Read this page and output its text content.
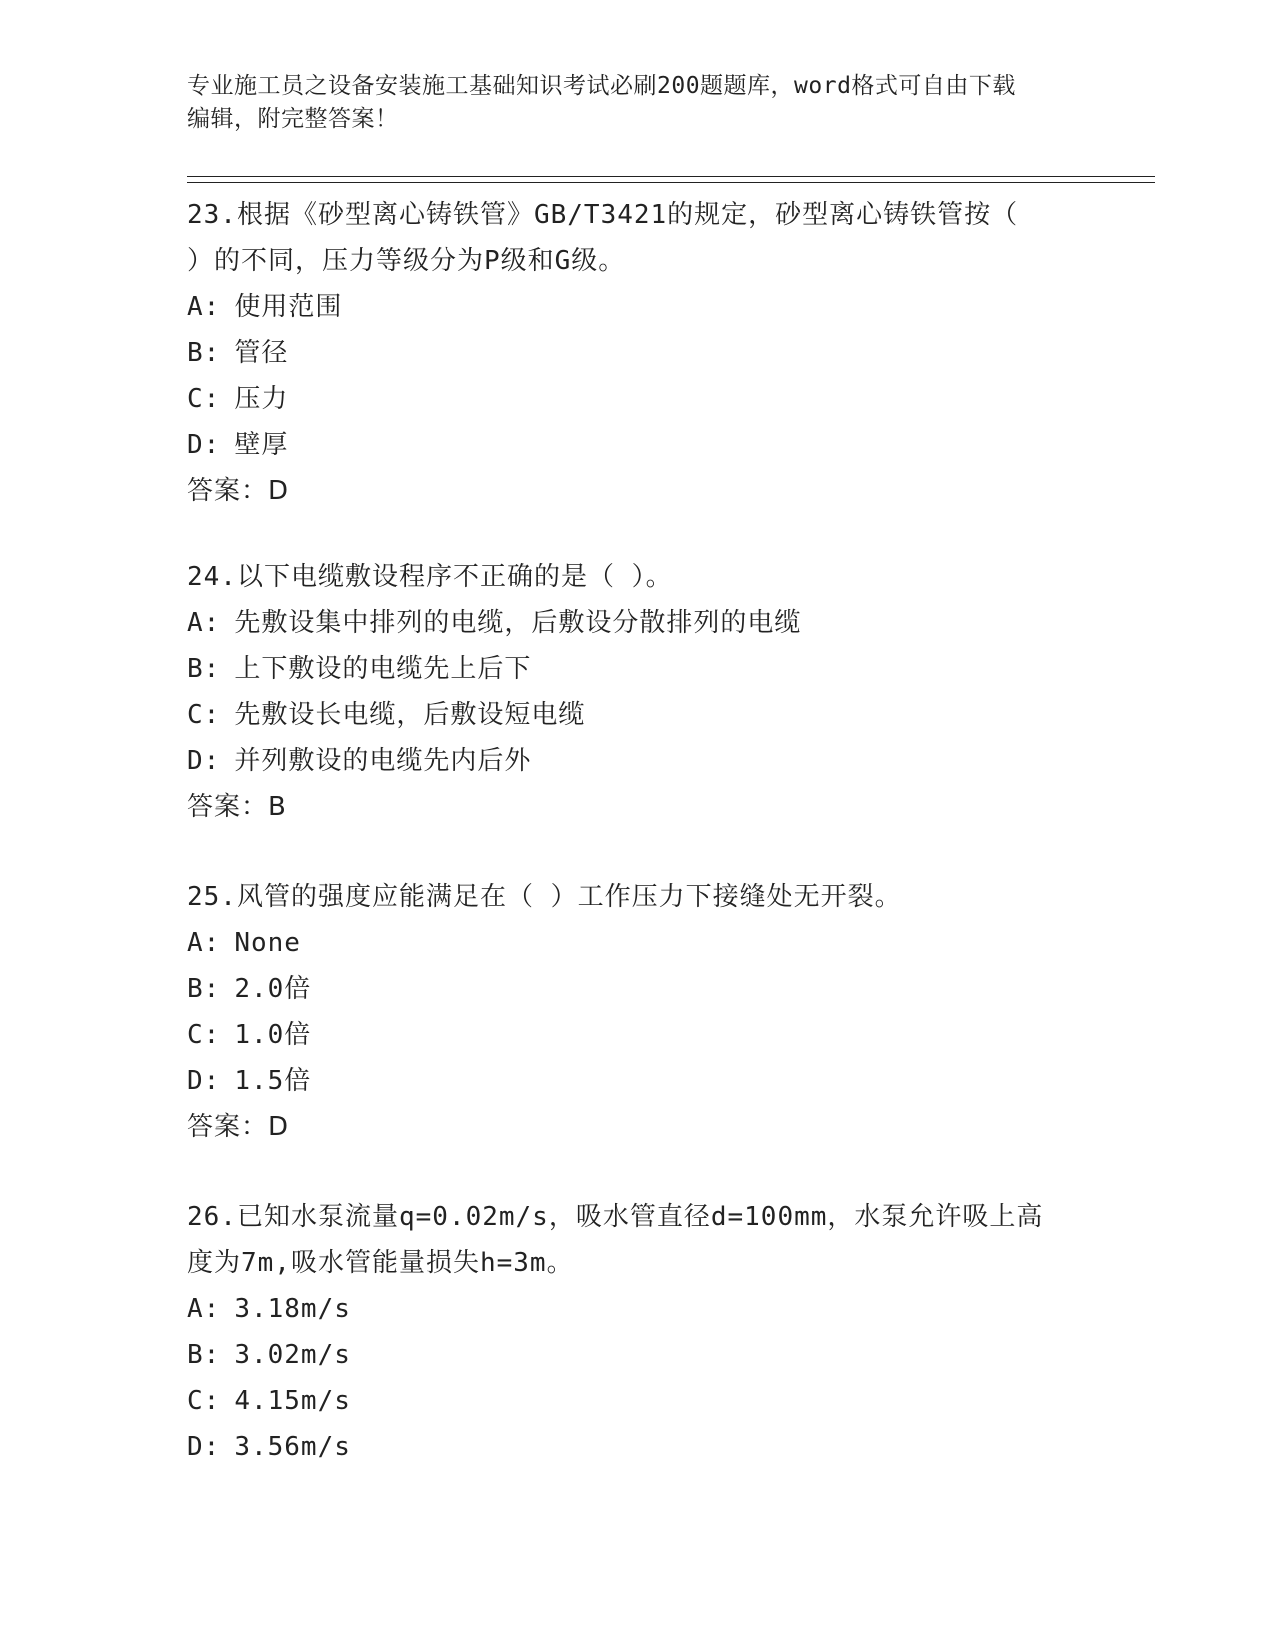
专业施工员之设备安装施工基础知识考试必刷200题题库，word格式可自由下载
编辑，附完整答案！

23.根据《砂型离心铸铁管》GB/T3421的规定，砂型离心铸铁管按（

）的不同，压力等级分为P级和G级。

A: 使用范围

B: 管径

C: 压力

D: 壁厚

答案：D

24.以下电缆敷设程序不正确的是（ ）。

A: 先敷设集中排列的电缆，后敷设分散排列的电缆

B: 上下敷设的电缆先上后下

C: 先敷设长电缆，后敷设短电缆

D: 并列敷设的电缆先内后外

答案：B

25.风管的强度应能满足在（ ）工作压力下接缝处无开裂。

A: None

B: 2.0倍

C: 1.0倍

D: 1.5倍

答案：D

26.已知水泵流量q=0.02m/s，吸水管直径d=100mm，水泵允许吸上高

度为7m,吸水管能量损失h=3m。

A: 3.18m/s

B: 3.02m/s

C: 4.15m/s

D: 3.56m/s
